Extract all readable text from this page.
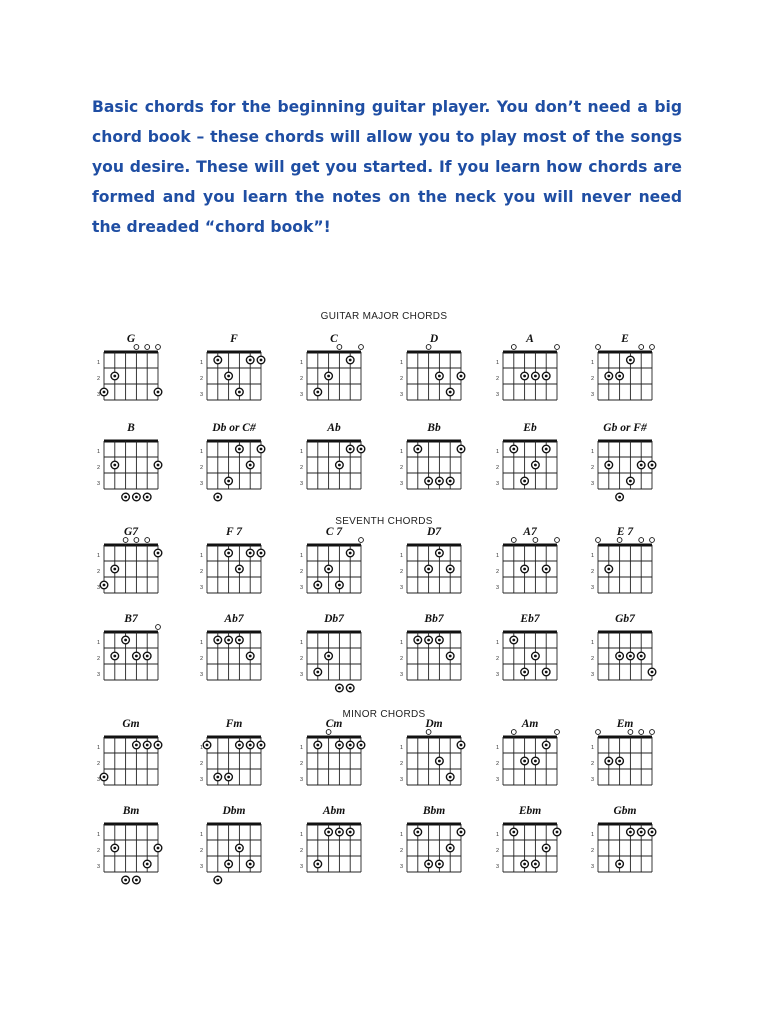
Basic chords for the beginning guitar player. You don’t need a big chord book – these chords will allow you to play most of the songs you desire. These will get you started. If you learn how chords are formed and you learn the notes on the neck you will never need the dreaded “chord book”!

GUITAR MAJOR CHORDS
SEVENTH CHORDS
MINOR CHORDS
G
1
2
3
F
1
2
3
C
1
2
3
D
1
2
3
A
1
2
3
E
1
2
3
B
1
2
3
Db or C#
1
2
3
Ab
1
2
3
Bb
1
2
3
Eb
1
2
3
Gb or F#
1
2
3
G7
1
2
3
F 7
1
2
3
C 7
1
2
3
D7
1
2
3
A7
1
2
3
E 7
1
2
3
B7
1
2
3
Ab7
1
2
3
Db7
1
2
3
Bb7
1
2
3
Eb7
1
2
3
Gb7
1
2
3
Gm
1
2
3
Fm
1
2
3
Cm
1
2
3
Dm
1
2
3
Am
1
2
3
Em
1
2
3
Bm
1
2
3
Dbm
1
2
3
Abm
1
2
3
Bbm
1
2
3
Ebm
1
2
3
Gbm
1
2
3
